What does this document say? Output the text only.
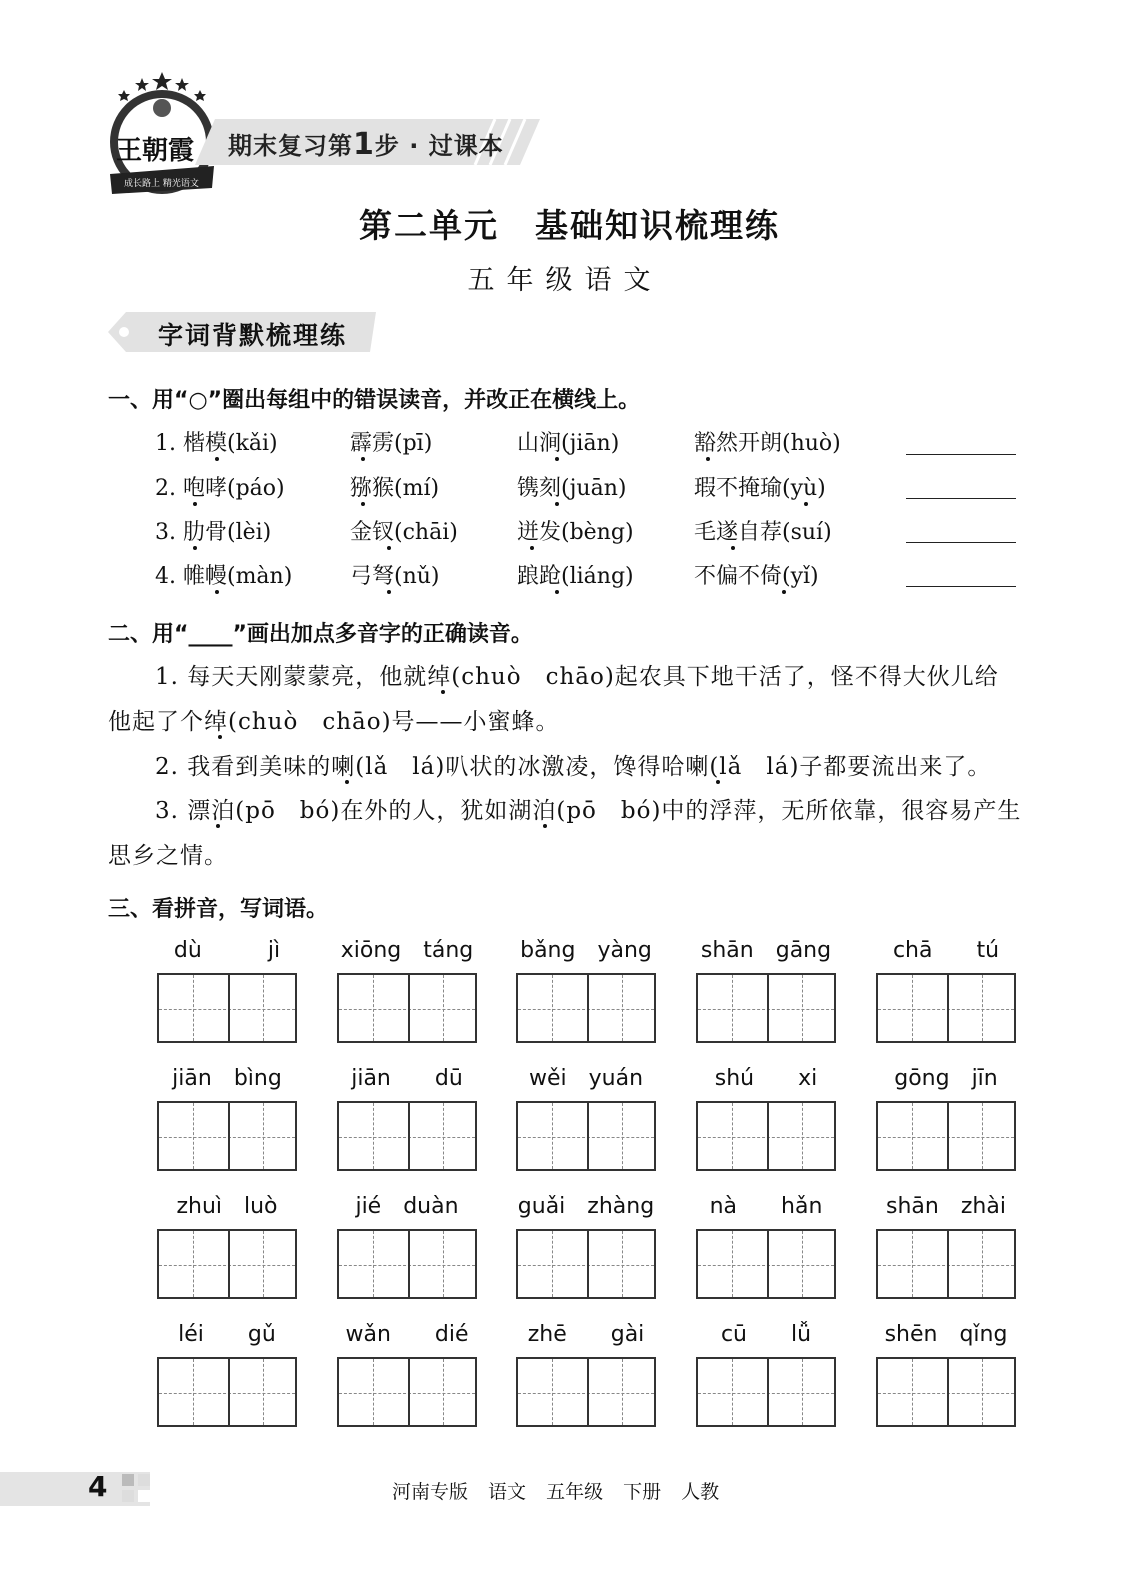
王朝霞
成长路上 精光语文
期末复习第1步 · 过课本
第二单元 基础知识梳理练
五年级语文
字词背默梳理练
一、用“○”圈出每组中的错误读音，并改正在横线上。
1. 楷模(kǎi)	霹雳(pī)	山涧(jiān)	豁然开朗(huò)
2. 咆哮(páo)	猕猴(mí)	镌刻(juān)	瑕不掩瑜(yù)
3. 肋骨(lèi)	金钗(chāi)	迸发(bèng)	毛遂自荐(suí)
4. 帷幔(màn)	弓弩(nǔ)	踉跄(liáng)	不偏不倚(yǐ)
二、用“____”画出加点多音字的正确读音。
1. 每天天刚蒙蒙亮，他就绰(chuò　chāo)起农具下地干活了，怪不得大伙儿给
他起了个绰(chuò　chāo)号——小蜜蜂。
2. 我看到美味的喇(lǎ　lá)叭状的冰激凌，馋得哈喇(lǎ　lá)子都要流出来了。
3. 漂泊(pō　bó)在外的人，犹如湖泊(pō　bó)中的浮萍，无所依靠，很容易产生
思乡之情。
三、看拼音，写词语。
dù　　　jì	xiōng　táng	bǎng　yàng	shān　gāng	chā　　tú
jiān　bìng	jiān　　dū	wěi　yuán	shú　　xi	gōng　jīn
zhuì　luò	jié　duàn	guǎi　zhàng	nà　　hǎn	shān　zhài
léi　　gǔ	wǎn　　dié	zhē　　gài	cū　　lǚ	shēn　qǐng
4	河南专版 语文 五年级 下册 人教
